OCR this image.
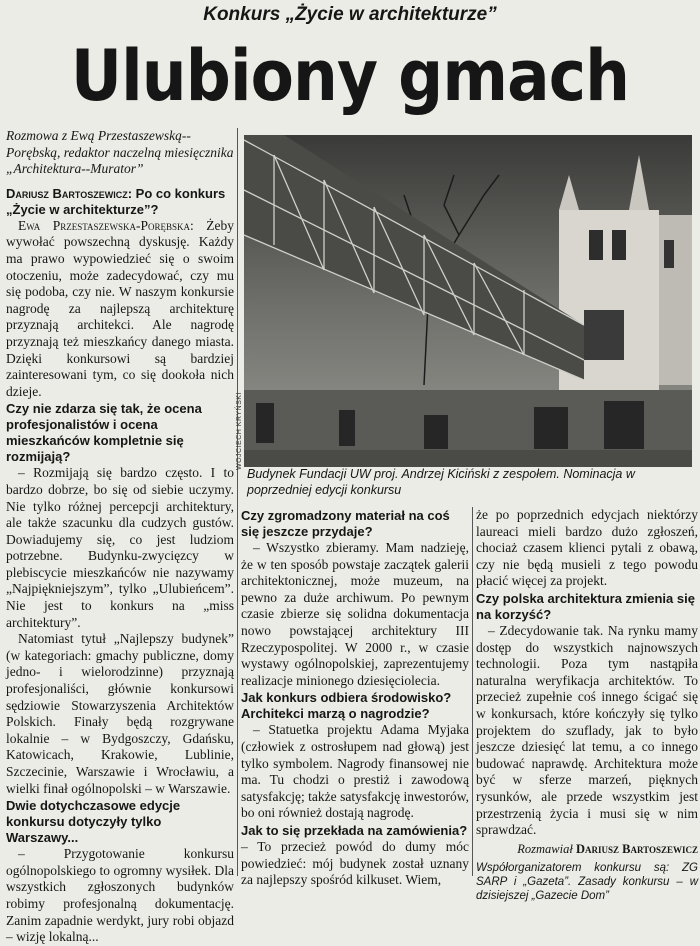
Konkurs „Życie w architekturze”
Ulubiony gmach

Rozmowa z Ewą Przestaszewską--Porębską, redaktor naczelną miesięcznika „Architektura--Murator”

Dariusz Bartoszewicz: Po co konkurs „Życie w architekturze”?

Ewa Przestaszewska-Porębska: Żeby wywołać powszechną dyskusję. Każdy ma prawo wypowiedzieć się o swoim otoczeniu, może zadecydować, czy mu się podoba, czy nie. W naszym konkursie nagrodę za najlepszą architekturę przyznają architekci. Ale nagrodę przyznają też mieszkańcy danego miasta. Dzięki konkursowi są bardziej zainteresowani tym, co się dookoła nich dzieje.

Czy nie zdarza się tak, że ocena profesjonalistów i ocena mieszkańców kompletnie się rozmijają?

– Rozmijają się bardzo często. I to bardzo dobrze, bo się od siebie uczymy. Nie tylko różnej percepcji architektury, ale także szacunku dla cudzych gustów. Dowiadujemy się, co jest ludziom potrzebne. Budynku-zwycięzcy w plebiscycie mieszkańców nie nazywamy „Najpiękniejszym”, tylko „Ulubieńcem”. Nie jest to konkurs na „miss architektury”.

Natomiast tytuł „Najlepszy budynek” (w kategoriach: gmachy publiczne, domy jedno- i wielorodzinne) przyznają profesjonaliści, głównie konkursowi sędziowie Stowarzyszenia Architektów Polskich. Finały będą rozgrywane lokalnie – w Bydgoszczy, Gdańsku, Katowicach, Krakowie, Lublinie, Szczecinie, Warszawie i Wrocławiu, a wielki finał ogólnopolski – w Warszawie.

Dwie dotychczasowe edycje konkursu dotyczyły tylko Warszawy...

– Przygotowanie konkursu ogólnopolskiego to ogromny wysiłek. Dla wszystkich zgłoszonych budynków robimy profesjonalną dokumentację. Zanim zapadnie werdykt, jury robi objazd – wizję lokalną...

WOJCIECH KRYŃSKI
Budynek Fundacji UW proj. Andrzej Kiciński z zespołem. Nominacja w poprzedniej edycji konkursu

Czy zgromadzony materiał na coś się jeszcze przydaje?

– Wszystko zbieramy. Mam nadzieję, że w ten sposób powstaje zaczątek galerii architektonicznej, może muzeum, na pewno za duże archiwum. Po pewnym czasie zbierze się solidna dokumentacja nowo powstającej architektury III Rzeczypospolitej. W 2000 r., w czasie wystawy ogólnopolskiej, zaprezentujemy realizacje minionego dziesięciolecia.

Jak konkurs odbiera środowisko? Architekci marzą o nagrodzie?

– Statuetka projektu Adama Myjaka (człowiek z ostrosłupem nad głową) jest tylko symbolem. Nagrody finansowej nie ma. Tu chodzi o prestiż i zawodową satysfakcję; także satysfakcję inwestorów, bo oni również dostają nagrodę.

Jak to się przekłada na zamówienia?

– To przecież powód do dumy móc powiedzieć: mój budynek został uznany za najlepszy spośród kilkuset. Wiem,

że po poprzednich edycjach niektórzy laureaci mieli bardzo dużo zgłoszeń, chociaż czasem klienci pytali z obawą, czy nie będą musieli z tego powodu płacić więcej za projekt.

Czy polska architektura zmienia się na korzyść?

– Zdecydowanie tak. Na rynku mamy dostęp do wszystkich najnowszych technologii. Poza tym nastąpiła naturalna weryfikacja architektów. To przecież zupełnie coś innego ścigać się w konkursach, które kończyły się tylko projektem do szuflady, jak to było jeszcze dziesięć lat temu, a co innego budować naprawdę. Architektura może być w sferze marzeń, pięknych rysunków, ale przede wszystkim jest przestrzenią życia i musi się w nim sprawdzać.

Rozmawiał Dariusz Bartoszewicz

Współorganizatorem konkursu są: ZG SARP i „Gazeta”. Zasady konkursu – w dzisiejszej „Gazecie Dom”
